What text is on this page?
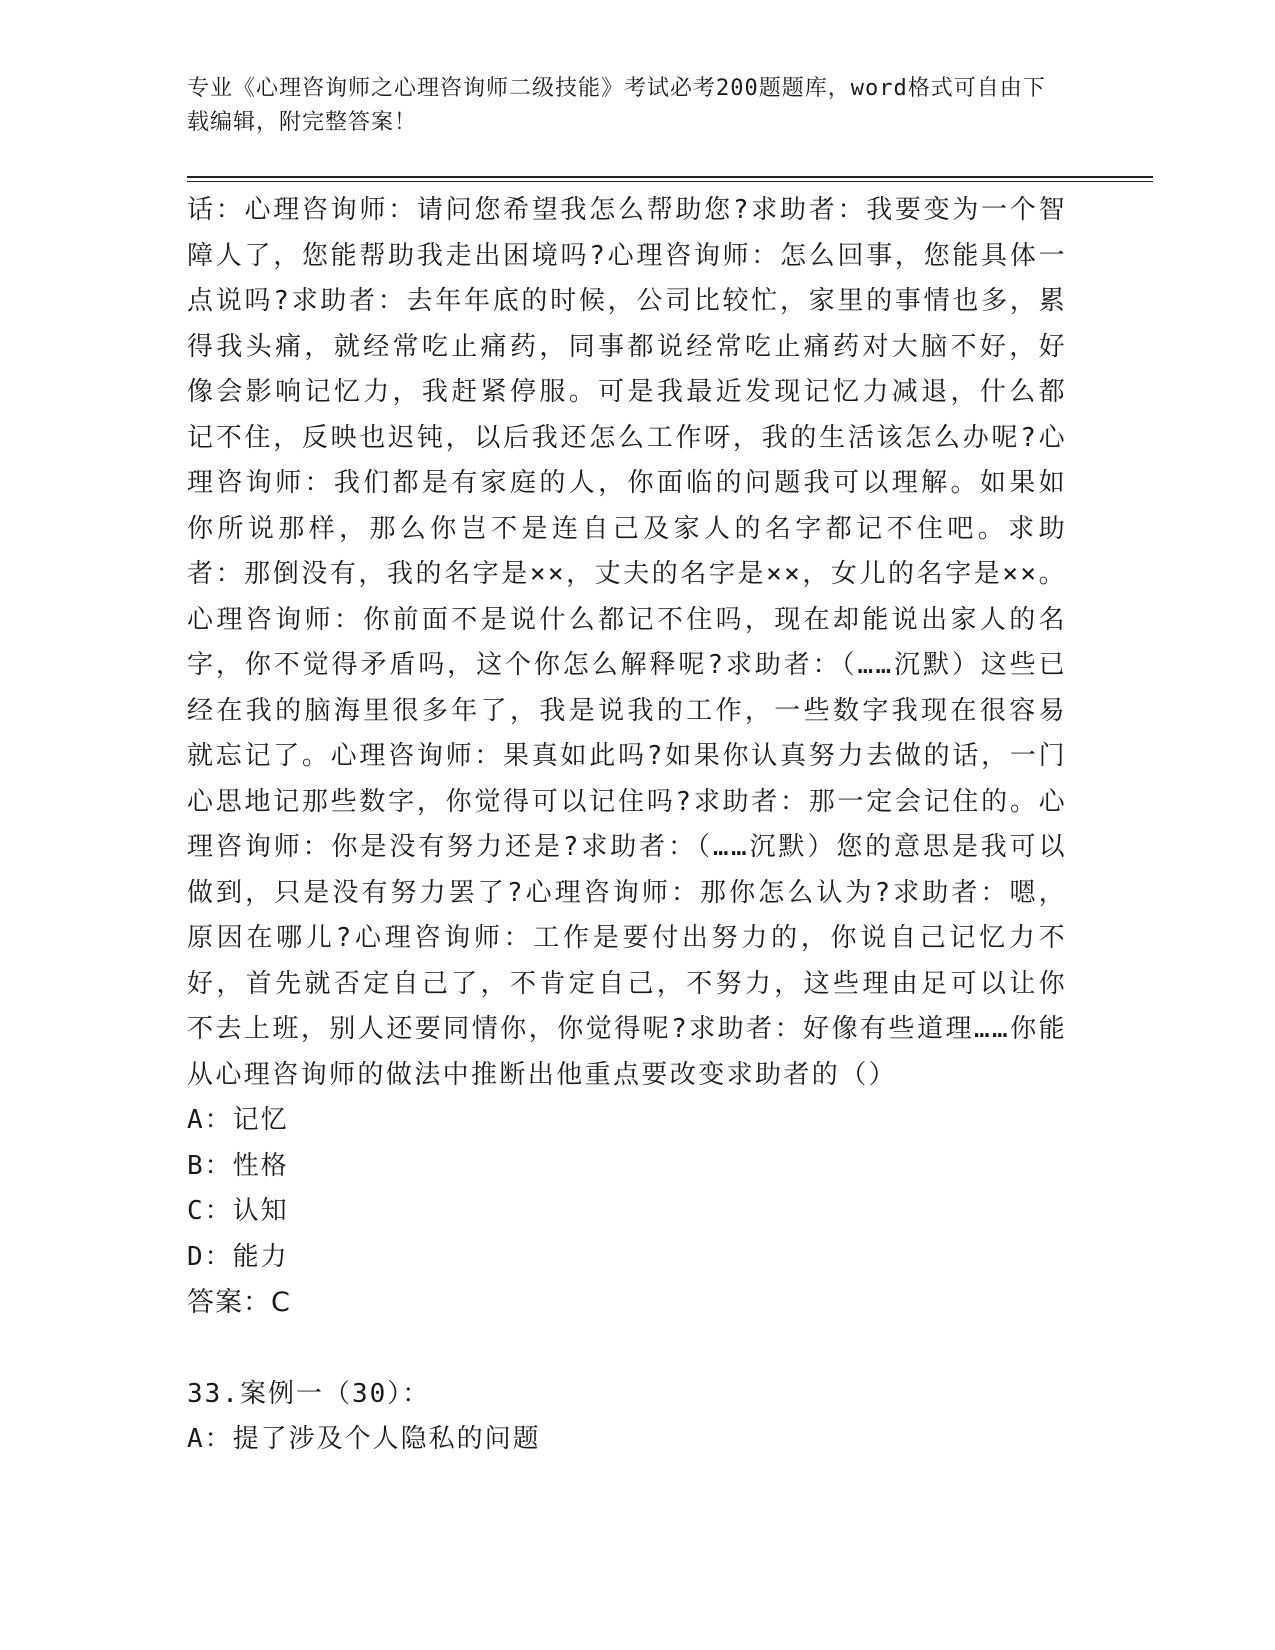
专业《心理咨询师之心理咨询师二级技能》考试必考200题题库，word格式可自由下载编辑，附完整答案！

话：心理咨询师：请问您希望我怎么帮助您?求助者：我要变为一个智障人了，您能帮助我走出困境吗?心理咨询师：怎么回事，您能具体一点说吗?求助者：去年年底的时候，公司比较忙，家里的事情也多，累得我头痛，就经常吃止痛药，同事都说经常吃止痛药对大脑不好，好像会影响记忆力，我赶紧停服。可是我最近发现记忆力减退，什么都记不住，反映也迟钝，以后我还怎么工作呀，我的生活该怎么办呢?心理咨询师：我们都是有家庭的人，你面临的问题我可以理解。如果如你所说那样，那么你岂不是连自己及家人的名字都记不住吧。求助者：那倒没有，我的名字是××，丈夫的名字是××，女儿的名字是××。心理咨询师：你前面不是说什么都记不住吗，现在却能说出家人的名字，你不觉得矛盾吗，这个你怎么解释呢?求助者：（……沉默）这些已经在我的脑海里很多年了，我是说我的工作，一些数字我现在很容易就忘记了。心理咨询师：果真如此吗?如果你认真努力去做的话，一门心思地记那些数字，你觉得可以记住吗?求助者：那一定会记住的。心理咨询师：你是没有努力还是?求助者：（……沉默）您的意思是我可以做到，只是没有努力罢了?心理咨询师：那你怎么认为?求助者：嗯，原因在哪儿?心理咨询师：工作是要付出努力的，你说自己记忆力不好，首先就否定自己了，不肯定自己，不努力，这些理由足可以让你不去上班，别人还要同情你，你觉得呢?求助者：好像有些道理……你能从心理咨询师的做法中推断出他重点要改变求助者的（）

A：记忆
B：性格
C：认知
D：能力
答案：C
33.案例一（30）：
A：提了涉及个人隐私的问题
